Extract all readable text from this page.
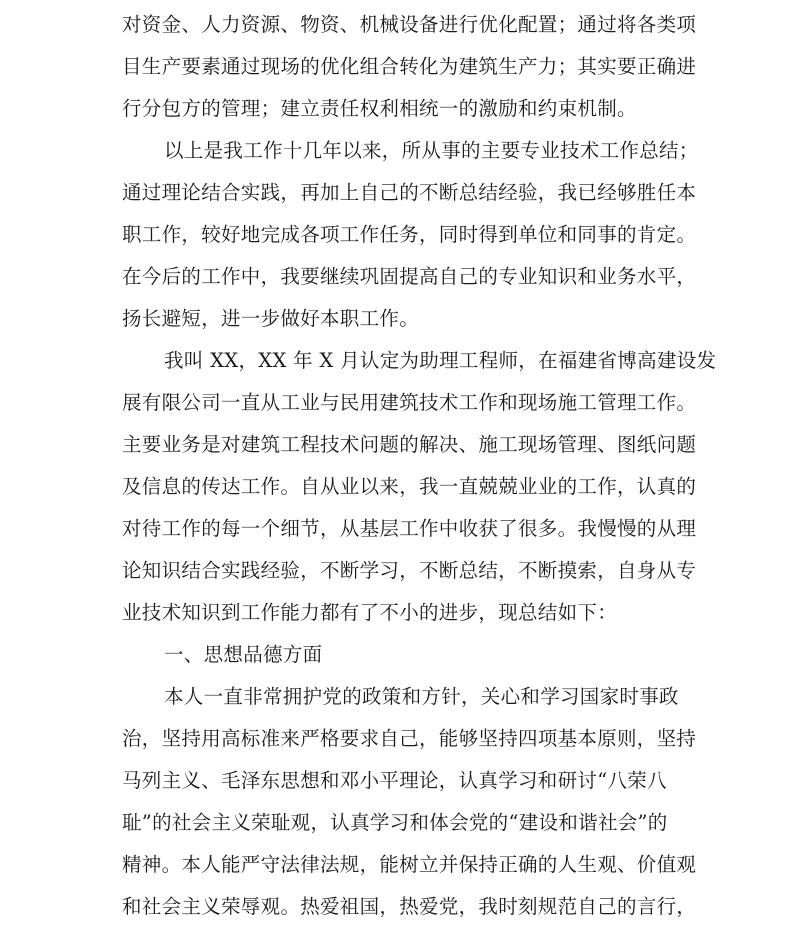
对资金、人力资源、物资、机械设备进行优化配置；通过将各类项
目生产要素通过现场的优化组合转化为建筑生产力；其实要正确进
行分包方的管理；建立责任权利相统一的激励和约束机制。
以上是我工作十几年以来，所从事的主要专业技术工作总结；
通过理论结合实践，再加上自己的不断总结经验，我已经够胜任本
职工作，较好地完成各项工作任务，同时得到单位和同事的肯定。
在今后的工作中，我要继续巩固提高自己的专业知识和业务水平，
扬长避短，进一步做好本职工作。
我叫 XX，XX 年 X 月认定为助理工程师，在福建省博高建设发
展有限公司一直从工业与民用建筑技术工作和现场施工管理工作。
主要业务是对建筑工程技术问题的解决、施工现场管理、图纸问题
及信息的传达工作。自从业以来，我一直兢兢业业的工作，认真的
对待工作的每一个细节，从基层工作中收获了很多。我慢慢的从理
论知识结合实践经验，不断学习，不断总结，不断摸索，自身从专
业技术知识到工作能力都有了不小的进步，现总结如下：
一、思想品德方面
本人一直非常拥护党的政策和方针，关心和学习国家时事政
治，坚持用高标准来严格要求自己，能够坚持四项基本原则，坚持
马列主义、毛泽东思想和邓小平理论，认真学习和研讨“八荣八
耻”的社会主义荣耻观，认真学习和体会党的“建设和谐社会”的
精神。本人能严守法律法规，能树立并保持正确的人生观、价值观
和社会主义荣辱观。热爱祖国，热爱党，我时刻规范自己的言行，
